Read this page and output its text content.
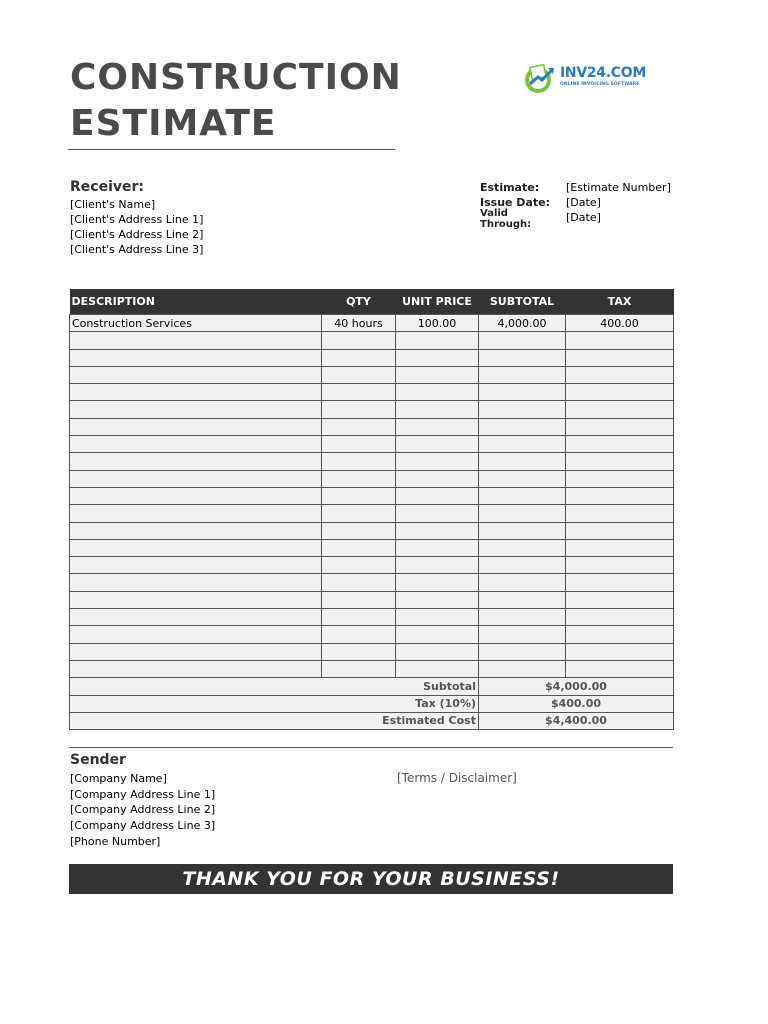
CONSTRUCTION
ESTIMATE
INV24.COM
ONLINE INVOICING SOFTWARE
Receiver:
[Client's Name]
[Client's Address Line 1]
[Client's Address Line 2]
[Client's Address Line 3]
Estimate: [Estimate Number]
Issue Date: [Date]
Valid Through:
[Date]
DESCRIPTION	QTY	UNIT PRICE	SUBTOTAL	TAX
Construction Services	40 hours	100.00	4,000.00	400.00

Subtotal			$4,000.00	
Tax (10%)			$400.00	
Estimated Cost			$4,400.00	
Sender
[Company Name]
[Company Address Line 1]
[Company Address Line 2]
[Company Address Line 3]
[Phone Number]
[Terms / Disclaimer]
THANK YOU FOR YOUR BUSINESS!
